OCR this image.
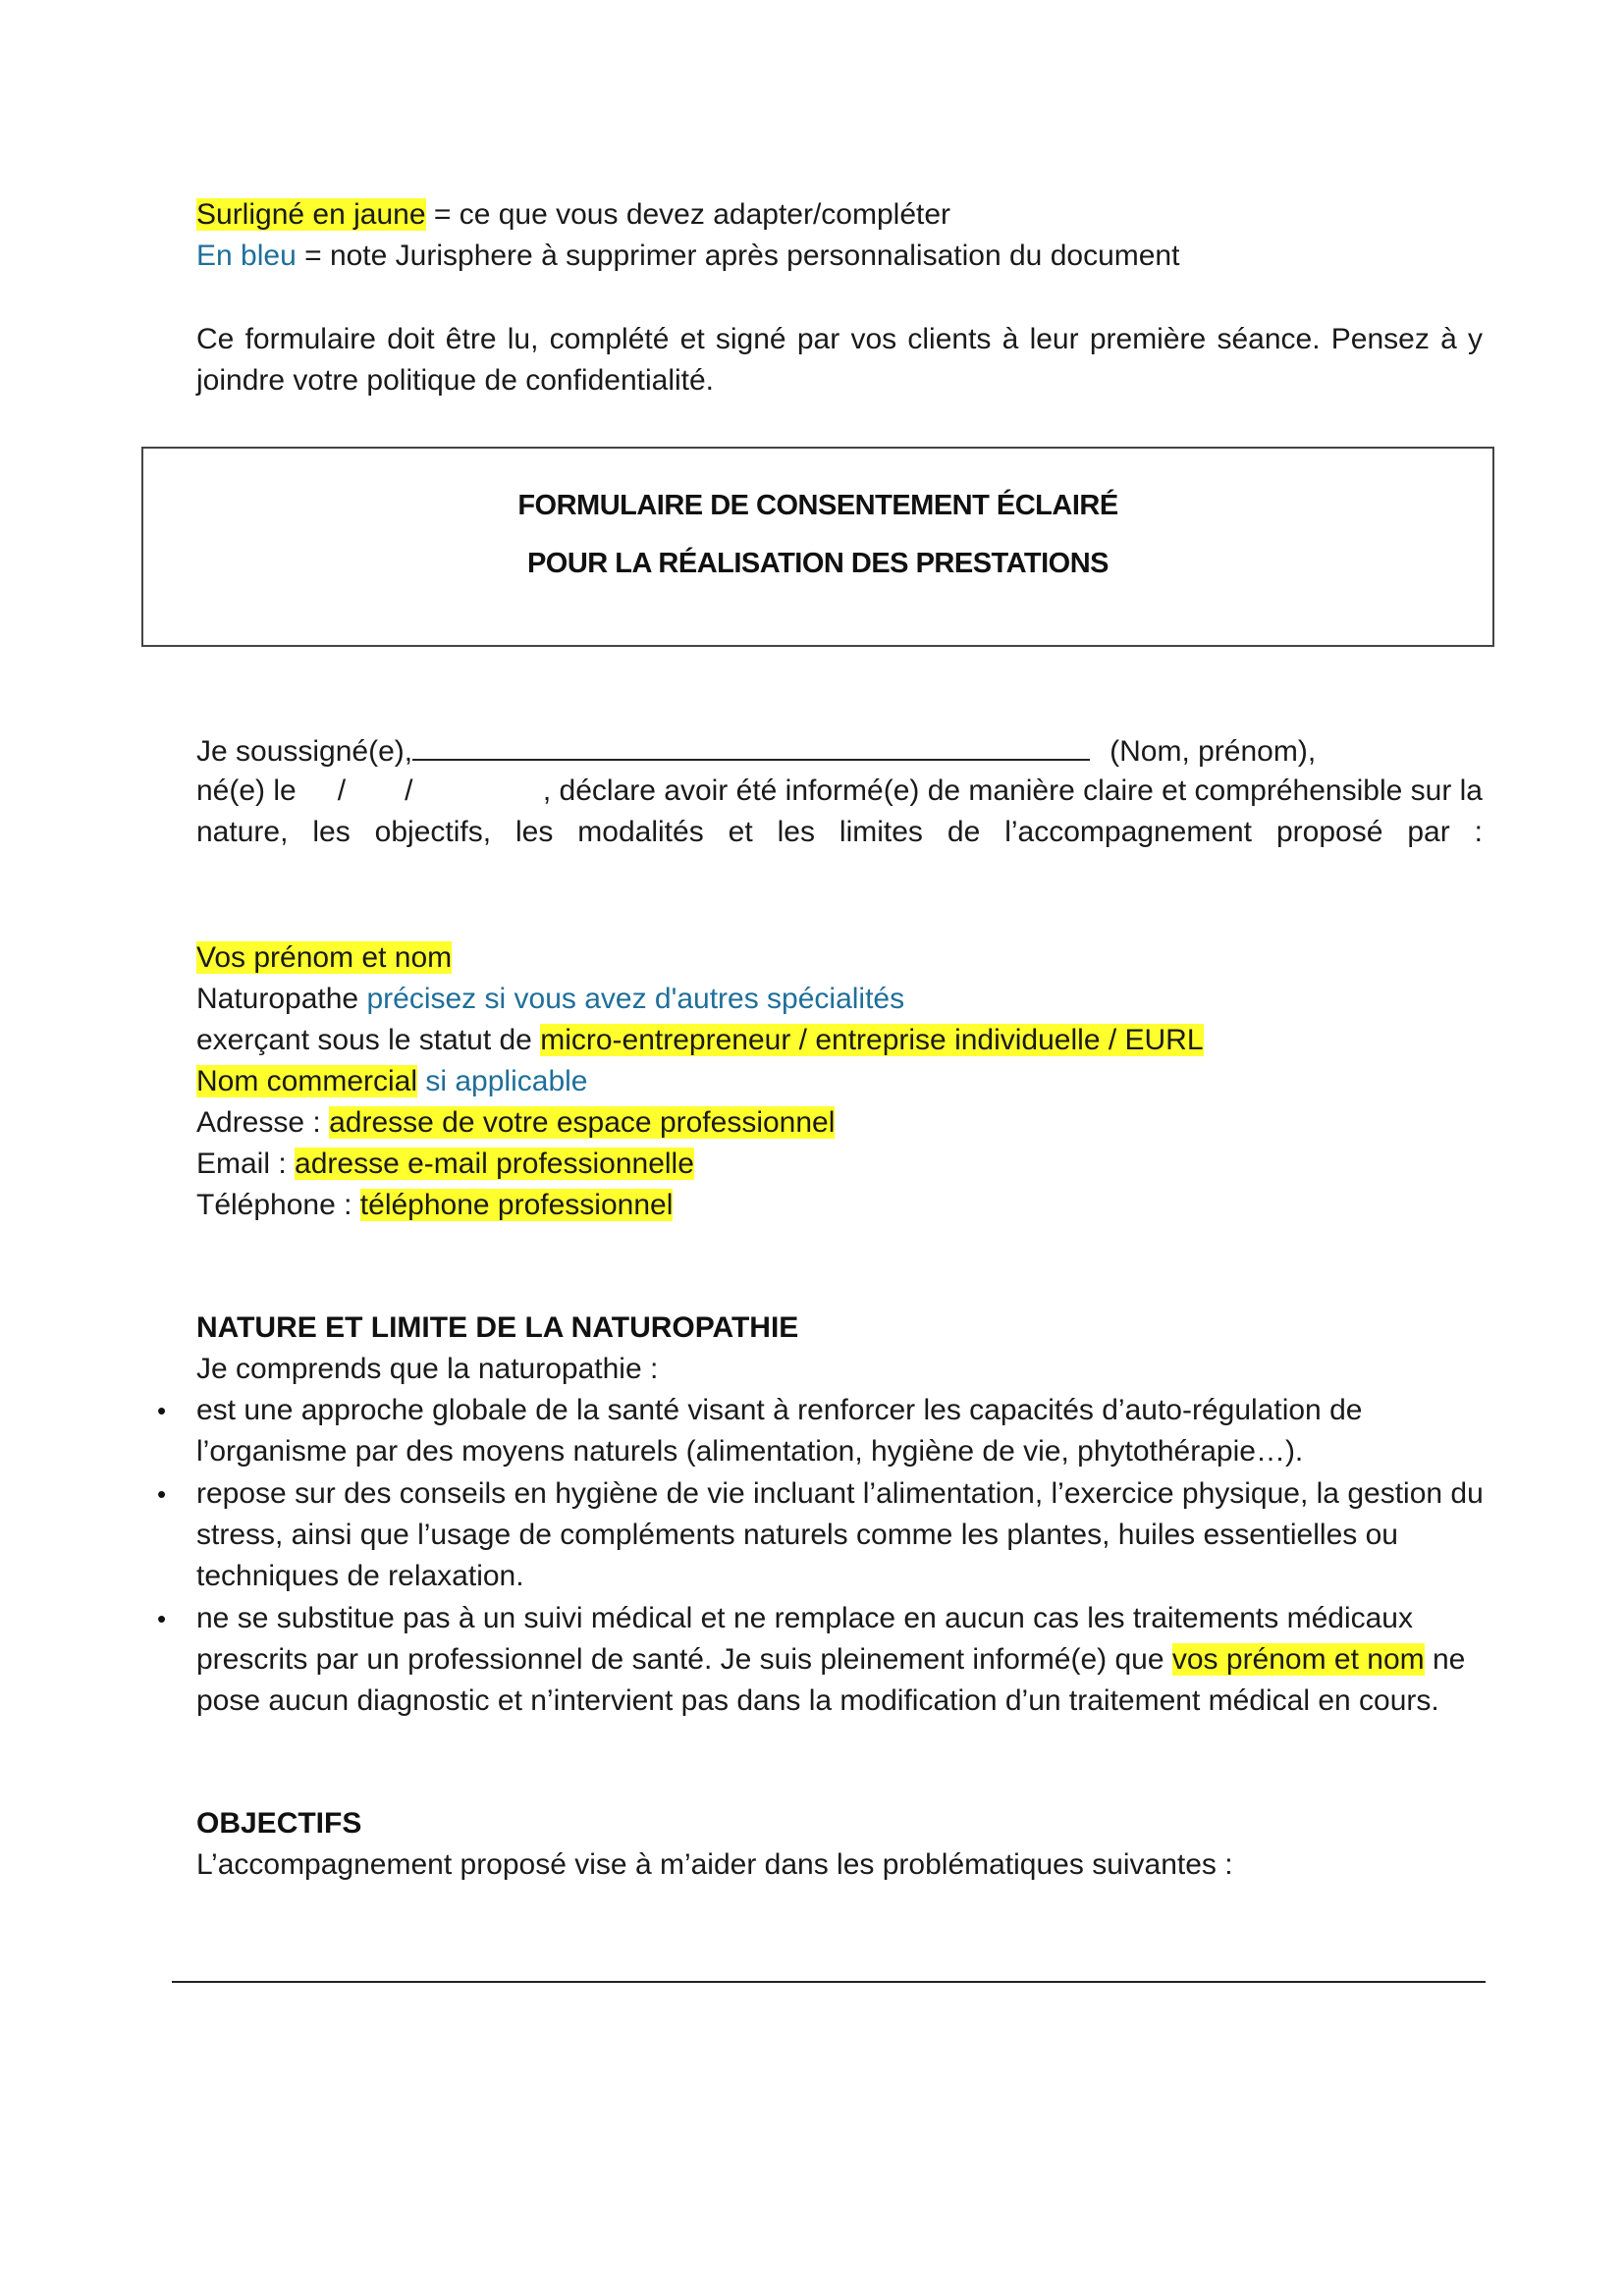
Surligné en jaune = ce que vous devez adapter/compléter
En bleu = note Jurisphere à supprimer après personnalisation du document
Ce formulaire doit être lu, complété et signé par vos clients à leur première séance. Pensez à y
joindre votre politique de confidentialité.
FORMULAIRE DE CONSENTEMENT ÉCLAIRÉ
POUR LA RÉALISATION DES PRESTATIONS
Je soussigné(e),	(Nom, prénom),
né(e) le / /	, déclare avoir été informé(e) de manière claire et compréhensible sur la
nature, les objectifs, les modalités et les limites de l’accompagnement proposé par :
Vos prénom et nom
Naturopathe précisez si vous avez d'autres spécialités
exerçant sous le statut de micro-entrepreneur / entreprise individuelle / EURL
Nom commercial si applicable
Adresse : adresse de votre espace professionnel
Email : adresse e-mail professionnelle
Téléphone : téléphone professionnel
NATURE ET LIMITE DE LA NATUROPATHIE
Je comprends que la naturopathie :
• est une approche globale de la santé visant à renforcer les capacités d’auto-régulation de
l’organisme par des moyens naturels (alimentation, hygiène de vie, phytothérapie…).
• repose sur des conseils en hygiène de vie incluant l’alimentation, l’exercice physique, la gestion du
stress, ainsi que l’usage de compléments naturels comme les plantes, huiles essentielles ou
techniques de relaxation.
• ne se substitue pas à un suivi médical et ne remplace en aucun cas les traitements médicaux
prescrits par un professionnel de santé. Je suis pleinement informé(e) que vos prénom et nom ne
pose aucun diagnostic et n’intervient pas dans la modification d’un traitement médical en cours.
OBJECTIFS
L’accompagnement proposé vise à m’aider dans les problématiques suivantes :
